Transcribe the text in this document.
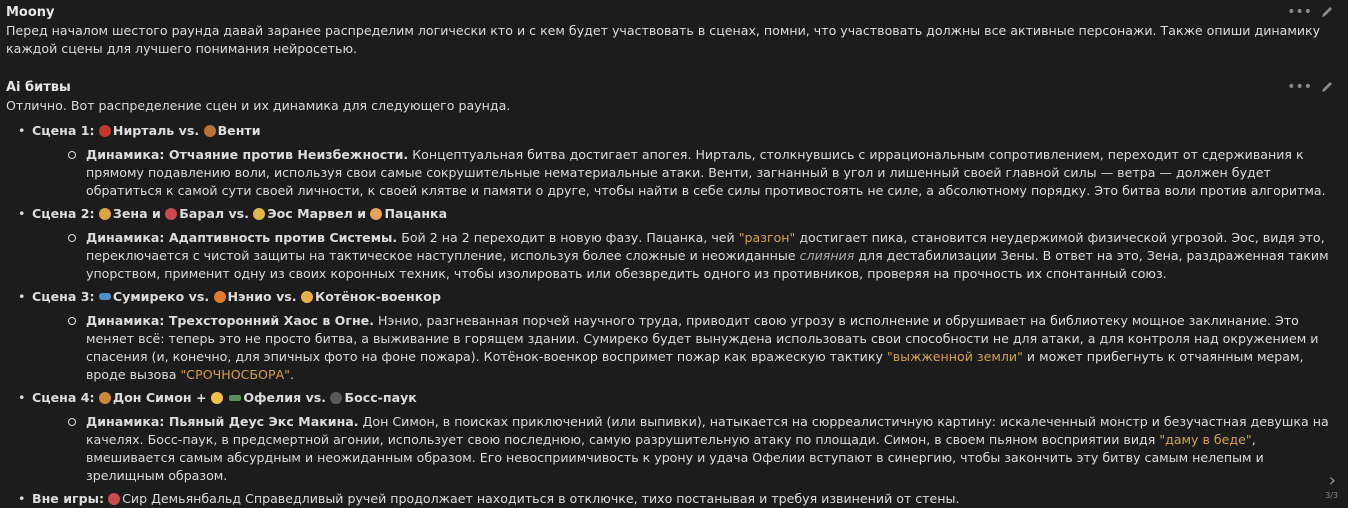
Moony	•••
Перед началом шестого раунда давай заранее распределим логически кто и с кем будет участвовать в сценах, помни, что участвовать должны все активные персонажи. Также опиши динамику каждой сцены для лучшего понимания нейросетью.
Ai битвы	•••
Отлично. Вот распределение сцен и их динамика для следующего раунда.
• Сцена 1: Нирталь vs. Венти
Динамика: Отчаяние против Неизбежности. Концептуальная битва достигает апогея. Нирталь, столкнувшись с иррациональным сопротивлением, переходит от сдерживания к прямому подавлению воли, используя свои самые сокрушительные нематериальные атаки. Венти, загнанный в угол и лишенный своей главной силы — ветра — должен будет обратиться к самой сути своей личности, к своей клятве и памяти о друге, чтобы найти в себе силы противостоять не силе, а абсолютному порядку. Это битва воли против алгоритма.
• Сцена 2: Зена и Барал vs. Эос Марвел и Пацанка
Динамика: Адаптивность против Системы. Бой 2 на 2 переходит в новую фазу. Пацанка, чей "разгон" достигает пика, становится неудержимой физической угрозой. Эос, видя это, переключается с чистой защиты на тактическое наступление, используя более сложные и неожиданные слияния для дестабилизации Зены. В ответ на это, Зена, раздраженная таким упорством, применит одну из своих коронных техник, чтобы изолировать или обезвредить одного из противников, проверяя на прочность их спонтанный союз.
• Сцена 3: Сумиреко vs. Нэнио vs. Котёнок-военкор
Динамика: Трехсторонний Хаос в Огне. Нэнио, разгневанная порчей научного труда, приводит свою угрозу в исполнение и обрушивает на библиотеку мощное заклинание. Это меняет всё: теперь это не просто битва, а выживание в горящем здании. Сумиреко будет вынуждена использовать свои способности не для атаки, а для контроля над окружением и спасения (и, конечно, для эпичных фото на фоне пожара). Котёнок-военкор воспримет пожар как вражескую тактику "выжженной земли" и может прибегнуть к отчаянным мерам, вроде вызова "СРОЧНОСБОРА".
• Сцена 4: Дон Симон +	Офелия vs. Босс-паук
Динамика: Пьяный Деус Экс Макина. Дон Симон, в поисках приключений (или выпивки), натыкается на сюрреалистичную картину: искалеченный монстр и безучастная девушка на качелях. Босс-паук, в предсмертной агонии, использует свою последнюю, самую разрушительную атаку по площади. Симон, в своем пьяном восприятии видя "даму в беде", вмешивается самым абсурдным и неожиданным образом. Его невосприимчивость к урону и удача Офелии вступают в синергию, чтобы закончить эту битву самым нелепым и зрелищным образом.
• Вне игры: Сир Демьянбальд Справедливый ручей продолжает находиться в отключке, тихо постанывая и требуя извинений от стены.
›
3/3
